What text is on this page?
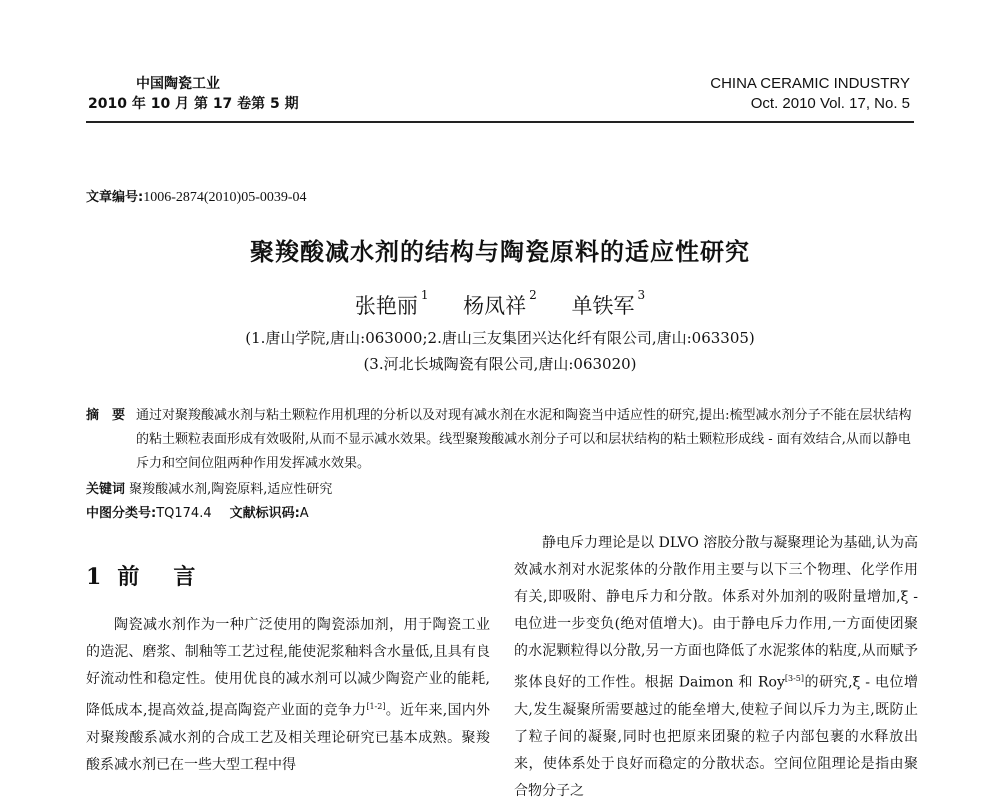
中国陶瓷工业
2010 年 10 月 第 17 卷第 5 期
CHINA CERAMIC INDUSTRY
Oct. 2010 Vol. 17, No. 5
文章编号:1006-2874(2010)05-0039-04
聚羧酸减水剂的结构与陶瓷原料的适应性研究
张艳丽 $^1$ 杨凤祥 $^2$ 单铁军 $^3$
(1.唐山学院,唐山:063000;2.唐山三友集团兴达化纤有限公司,唐山:063305)
(3.河北长城陶瓷有限公司,唐山:063020)
摘　要 通过对聚羧酸减水剂与粘土颗粒作用机理的分析以及对现有减水剂在水泥和陶瓷当中适应性的研究,提出:梳型减水剂分子不能在层状结构的粘土颗粒表面形成有效吸附,从而不显示减水效果。线型聚羧酸减水剂分子可以和层状结构的粘土颗粒形成线 - 面有效结合,从而以静电斥力和空间位阻两种作用发挥减水效果。
关键词 聚羧酸减水剂,陶瓷原料,适应性研究
中图分类号:TQ174.4 文献标识码:A
1 前　言

陶瓷减水剂作为一种广泛使用的陶瓷添加剂，用于陶瓷工业的造泥、磨浆、制釉等工艺过程,能使泥浆釉料含水量低,且具有良好流动性和稳定性。使用优良的减水剂可以减少陶瓷产业的能耗,降低成本,提高效益,提高陶瓷产业面的竞争力[1-2]。近年来,国内外对聚羧酸系减水剂的合成工艺及相关理论研究已基本成熟。聚羧酸系减水剂已在一些大型工程中得

静电斥力理论是以 DLVO 溶胶分散与凝聚理论为基础,认为高效减水剂对水泥浆体的分散作用主要与以下三个物理、化学作用有关,即吸附、静电斥力和分散。体系对外加剂的吸附量增加,ξ - 电位进一步变负(绝对值增大)。由于静电斥力作用,一方面使团聚的水泥颗粒得以分散,另一方面也降低了水泥浆体的粘度,从而赋予浆体良好的工作性。根据 Daimon 和 Roy[3-5]的研究,ξ - 电位增大,发生凝聚所需要越过的能垒增大,使粒子间以斥力为主,既防止了粒子间的凝聚,同时也把原来团聚的粒子内部包裹的水释放出来，使体系处于良好而稳定的分散状态。空间位阻理论是指由聚合物分子之
